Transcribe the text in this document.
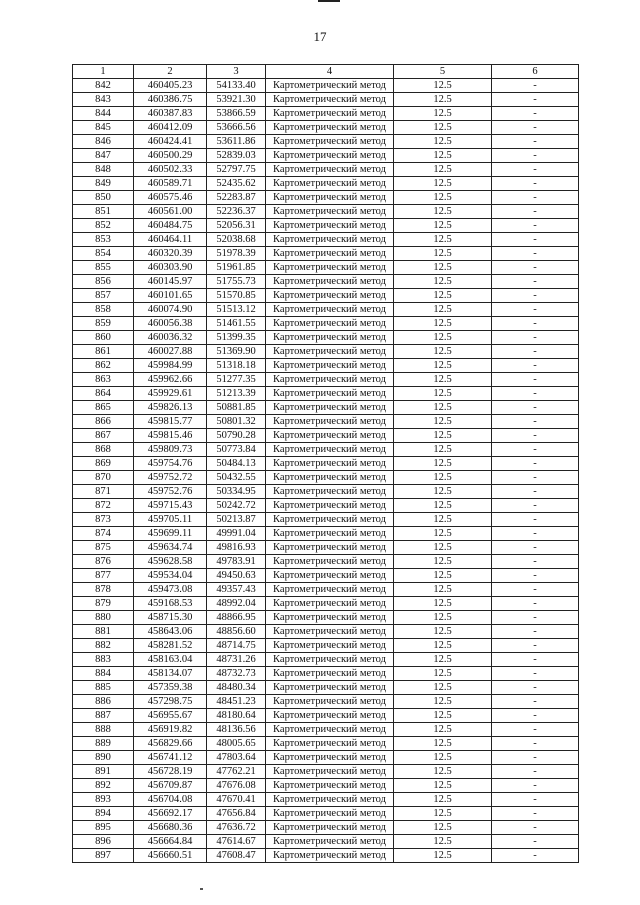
17
1	2	3	4	5	6
842	460405.23	54133.40	Картометрический метод	12.5	-
843	460386.75	53921.30	Картометрический метод	12.5	-
844	460387.83	53866.59	Картометрический метод	12.5	-
845	460412.09	53666.56	Картометрический метод	12.5	-
846	460424.41	53611.86	Картометрический метод	12.5	-
847	460500.29	52839.03	Картометрический метод	12.5	-
848	460502.33	52797.75	Картометрический метод	12.5	-
849	460589.71	52435.62	Картометрический метод	12.5	-
850	460575.46	52283.87	Картометрический метод	12.5	-
851	460561.00	52236.37	Картометрический метод	12.5	-
852	460484.75	52056.31	Картометрический метод	12.5	-
853	460464.11	52038.68	Картометрический метод	12.5	-
854	460320.39	51978.39	Картометрический метод	12.5	-
855	460303.90	51961.85	Картометрический метод	12.5	-
856	460145.97	51755.73	Картометрический метод	12.5	-
857	460101.65	51570.85	Картометрический метод	12.5	-
858	460074.90	51513.12	Картометрический метод	12.5	-
859	460056.38	51461.55	Картометрический метод	12.5	-
860	460036.32	51399.35	Картометрический метод	12.5	-
861	460027.88	51369.90	Картометрический метод	12.5	-
862	459984.99	51318.18	Картометрический метод	12.5	-
863	459962.66	51277.35	Картометрический метод	12.5	-
864	459929.61	51213.39	Картометрический метод	12.5	-
865	459826.13	50881.85	Картометрический метод	12.5	-
866	459815.77	50801.32	Картометрический метод	12.5	-
867	459815.46	50790.28	Картометрический метод	12.5	-
868	459809.73	50773.84	Картометрический метод	12.5	-
869	459754.76	50484.13	Картометрический метод	12.5	-
870	459752.72	50432.55	Картометрический метод	12.5	-
871	459752.76	50334.95	Картометрический метод	12.5	-
872	459715.43	50242.72	Картометрический метод	12.5	-
873	459705.11	50213.87	Картометрический метод	12.5	-
874	459699.11	49991.04	Картометрический метод	12.5	-
875	459634.74	49816.93	Картометрический метод	12.5	-
876	459628.58	49783.91	Картометрический метод	12.5	-
877	459534.04	49450.63	Картометрический метод	12.5	-
878	459473.08	49357.43	Картометрический метод	12.5	-
879	459168.53	48992.04	Картометрический метод	12.5	-
880	458715.30	48866.95	Картометрический метод	12.5	-
881	458643.06	48856.60	Картометрический метод	12.5	-
882	458281.52	48714.75	Картометрический метод	12.5	-
883	458163.04	48731.26	Картометрический метод	12.5	-
884	458134.07	48732.73	Картометрический метод	12.5	-
885	457359.38	48480.34	Картометрический метод	12.5	-
886	457298.75	48451.23	Картометрический метод	12.5	-
887	456955.67	48180.64	Картометрический метод	12.5	-
888	456919.82	48136.56	Картометрический метод	12.5	-
889	456829.66	48005.65	Картометрический метод	12.5	-
890	456741.12	47803.64	Картометрический метод	12.5	-
891	456728.19	47762.21	Картометрический метод	12.5	-
892	456709.87	47676.08	Картометрический метод	12.5	-
893	456704.08	47670.41	Картометрический метод	12.5	-
894	456692.17	47656.84	Картометрический метод	12.5	-
895	456680.36	47636.72	Картометрический метод	12.5	-
896	456664.84	47614.67	Картометрический метод	12.5	-
897	456660.51	47608.47	Картометрический метод	12.5	-
